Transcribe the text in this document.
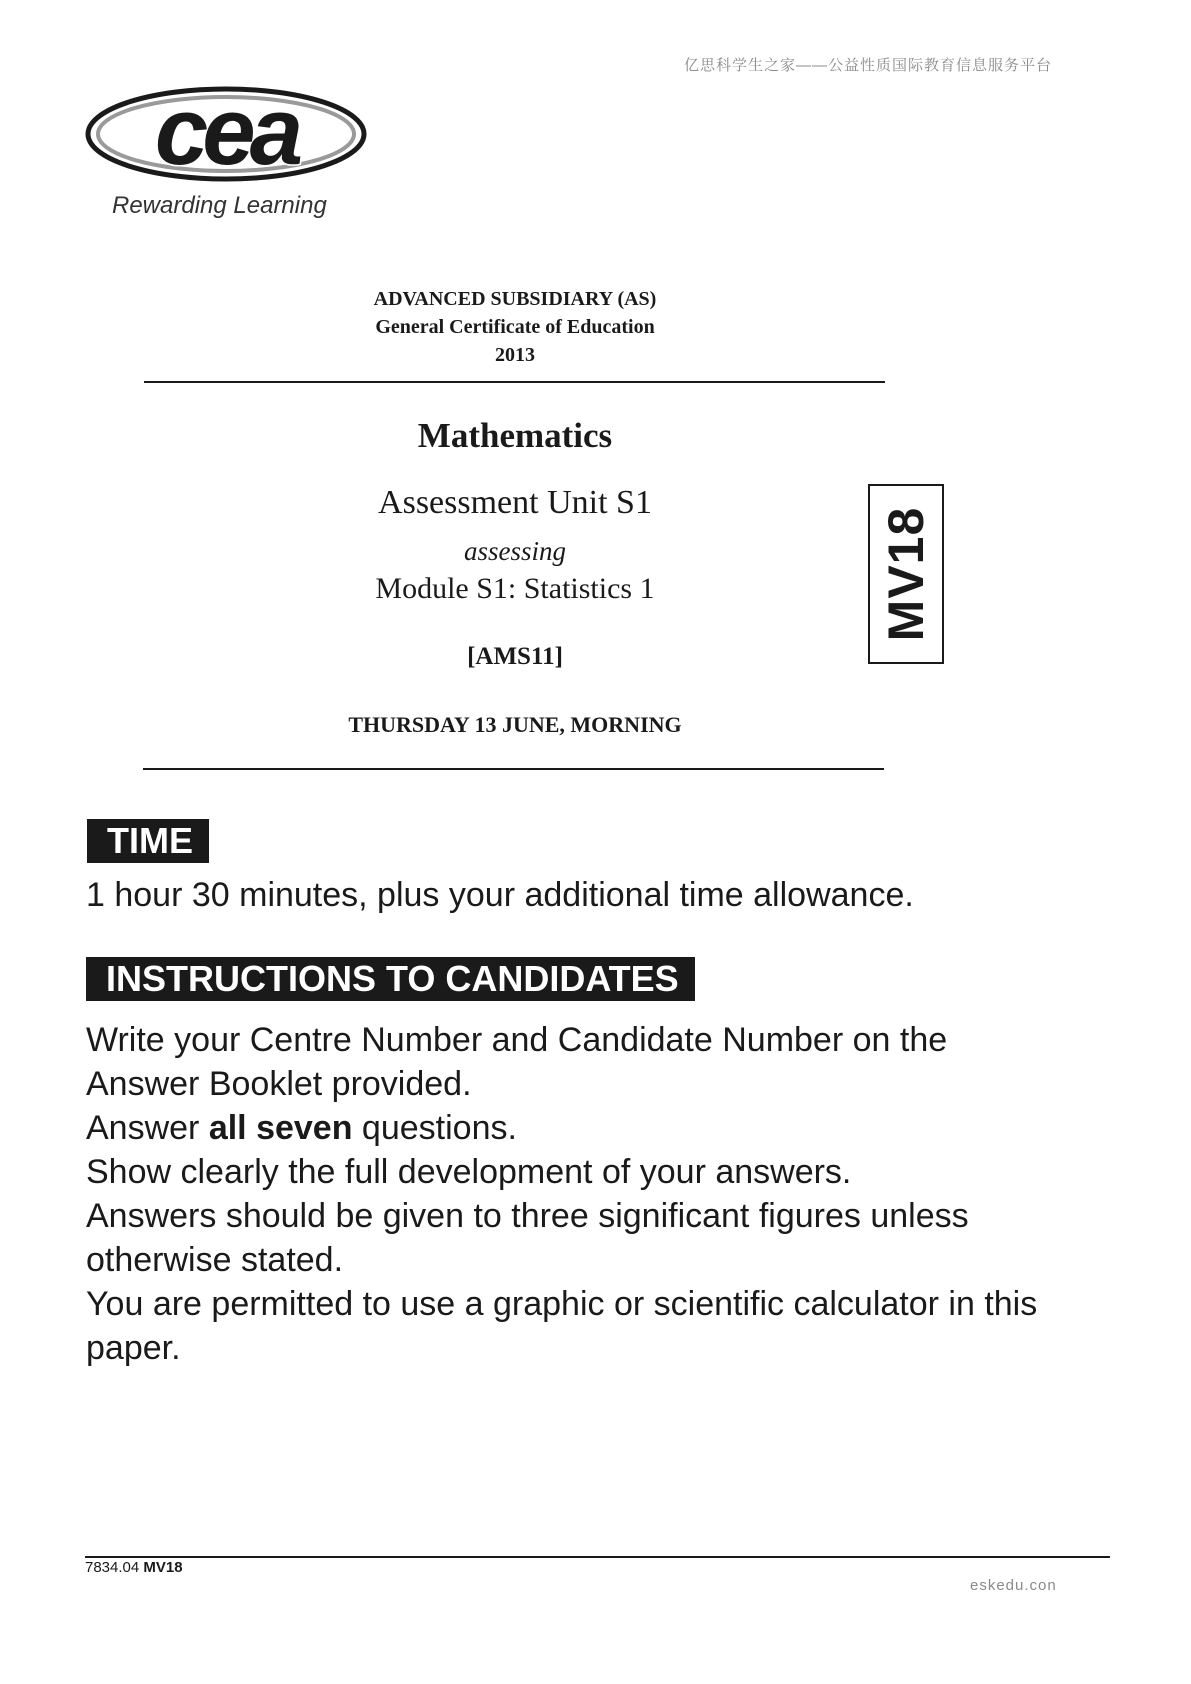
亿思科学生之家——公益性质国际教育信息服务平台
cea
Rewarding Learning
ADVANCED SUBSIDIARY (AS)
General Certificate of Education
2013
Mathematics
Assessment Unit S1
assessing
Module S1: Statistics 1
[AMS11]
THURSDAY 13 JUNE, MORNING
MV18
TIME
1 hour 30 minutes, plus your additional time allowance.
INSTRUCTIONS TO CANDIDATES
Write your Centre Number and Candidate Number on the
Answer Booklet provided.
Answer all seven questions.
Show clearly the full development of your answers.
Answers should be given to three significant figures unless
otherwise stated.
You are permitted to use a graphic or scientific calculator in this
paper.
7834.04 MV18
eskedu.con
